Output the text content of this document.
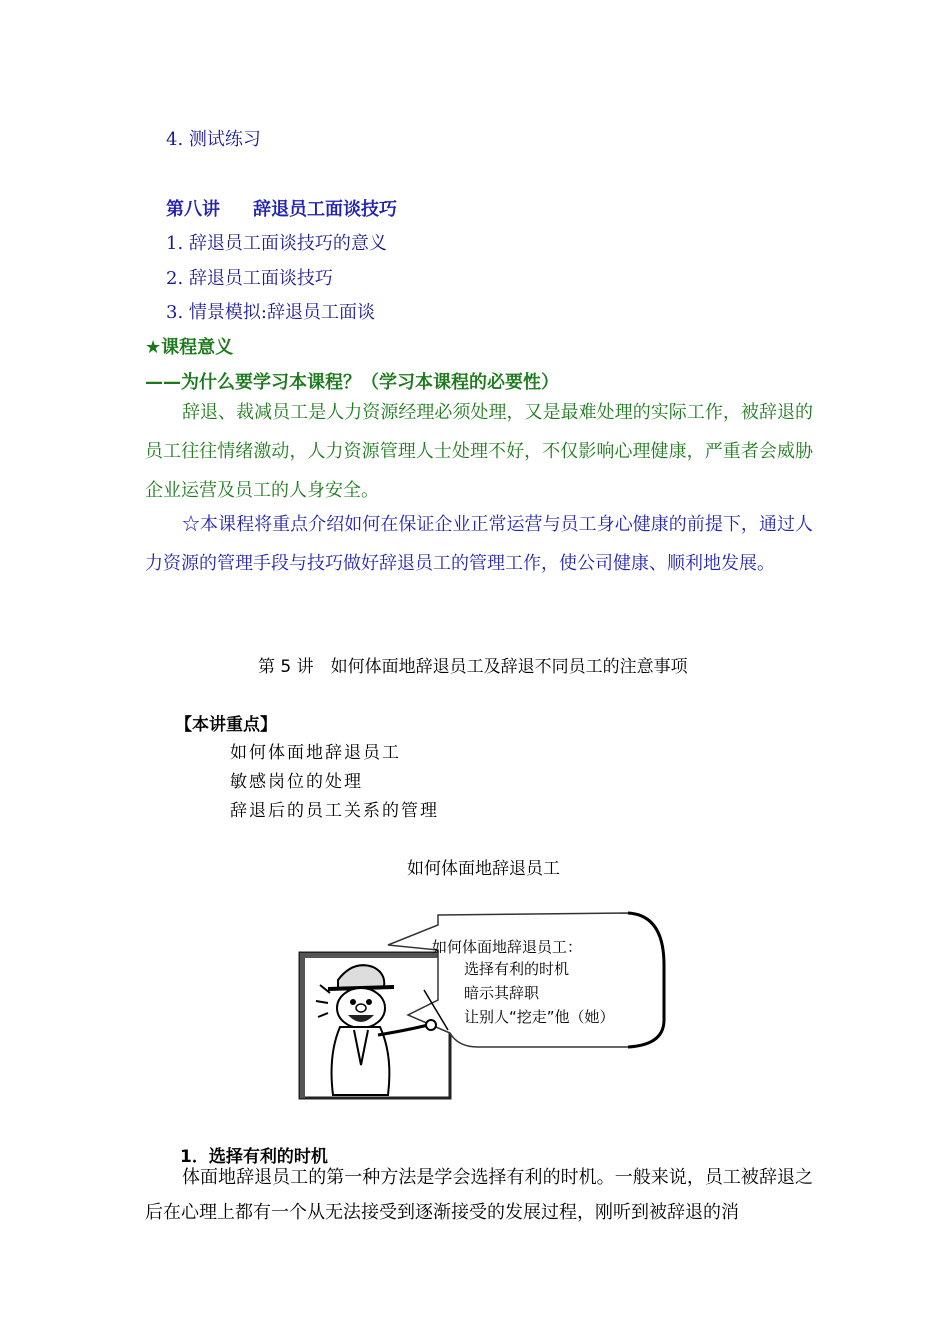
4. 测试练习
第八讲 辞退员工面谈技巧
1. 辞退员工面谈技巧的意义
2. 辞退员工面谈技巧
3. 情景模拟:辞退员工面谈
★课程意义
——为什么要学习本课程？（学习本课程的必要性）
辞退、裁减员工是人力资源经理必须处理，又是最难处理的实际工作，被辞退的员工往往情绪激动，人力资源管理人士处理不好，不仅影响心理健康，严重者会威胁企业运营及员工的人身安全。
☆本课程将重点介绍如何在保证企业正常运营与员工身心健康的前提下，通过人力资源的管理手段与技巧做好辞退员工的管理工作，使公司健康、顺利地发展。
第 5 讲　如何体面地辞退员工及辞退不同员工的注意事项
【本讲重点】
如何体面地辞退员工
敏感岗位的处理
辞退后的员工关系的管理
如何体面地辞退员工
如何体面地辞退员工：
选择有利的时机
暗示其辞职
让别人“挖走”他（她）
1．选择有利的时机
体面地辞退员工的第一种方法是学会选择有利的时机。一般来说，员工被辞退之后在心理上都有一个从无法接受到逐渐接受的发展过程，刚听到被辞退的消
